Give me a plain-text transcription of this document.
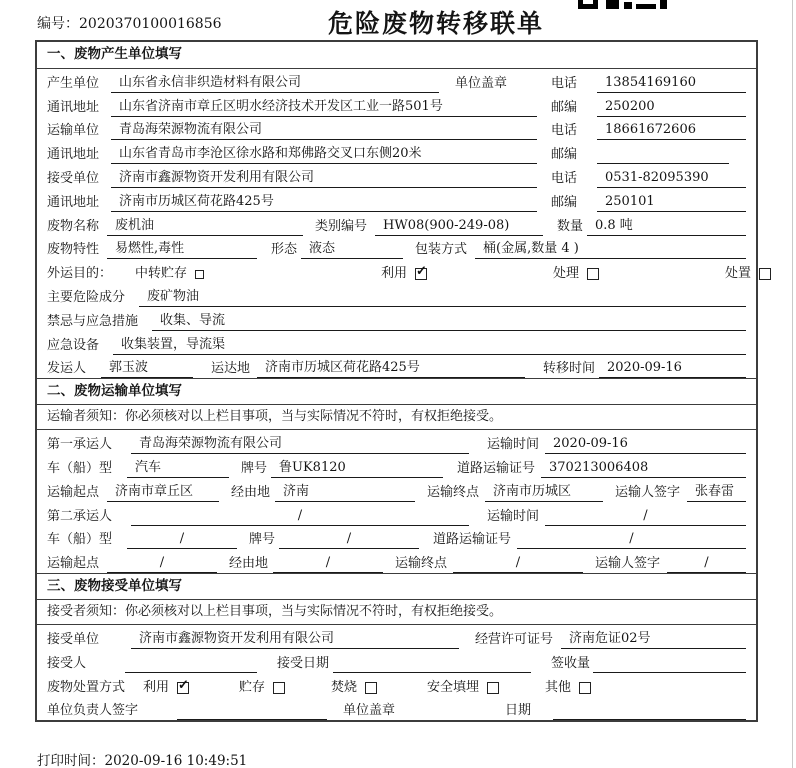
编号：2020370100016856	危险废物转移联单
一、废物产生单位填写
产生单位	山东省永信非织造材料有限公司	单位盖章	电话	13854169160
通讯地址	山东省济南市章丘区明水经济技术开发区工业一路501号	邮编	250200
运输单位	青岛海荣源物流有限公司	电话	18661672606
通讯地址	山东省青岛市李沧区徐水路和郑佛路交叉口东侧20米	邮编
接受单位	济南市鑫源物资开发利用有限公司	电话	0531-82095390
通讯地址	济南市历城区荷花路425号	邮编	250101
废物名称	废机油	类别编号	HW08(900-249-08)	数量 0.8 吨
废物特性	易燃性,毒性	形态 液态	包装方式	桶(金属,数量 4 )
外运目的：	中转贮存	利用 ✓	处理	处置
主要危险成分	废矿物油
禁忌与应急措施	收集、导流
应急设备	收集装置，导流渠
发运人	郭玉波	运达地	济南市历城区荷花路425号	转移时间 2020-09-16
二、废物运输单位填写
运输者须知：你必须核对以上栏目事项，当与实际情况不符时，有权拒绝接受。
第一承运人	青岛海荣源物流有限公司	运输时间	2020-09-16
车（船）型	汽车	牌号 鲁UK8120	道路运输证号	370213006408
运输起点	济南市章丘区	经由地 济南	运输终点	济南市历城区	运输人签字	张春雷
第二承运人	/	运输时间	/
车（船）型	/	牌号	/	道路运输证号	/
运输起点	/	经由地	/	运输终点	/	运输人签字	/
三、废物接受单位填写
接受者须知：你必须核对以上栏目事项，当与实际情况不符时，有权拒绝接受。
接受单位	济南市鑫源物资开发利用有限公司	经营许可证号	济南危证02号
接受人	接受日期	签收量
废物处置方式	利用 ✓	贮存	焚烧	安全填埋	其他
单位负责人签字	单位盖章	日期
打印时间：2020-09-16 10:49:51
